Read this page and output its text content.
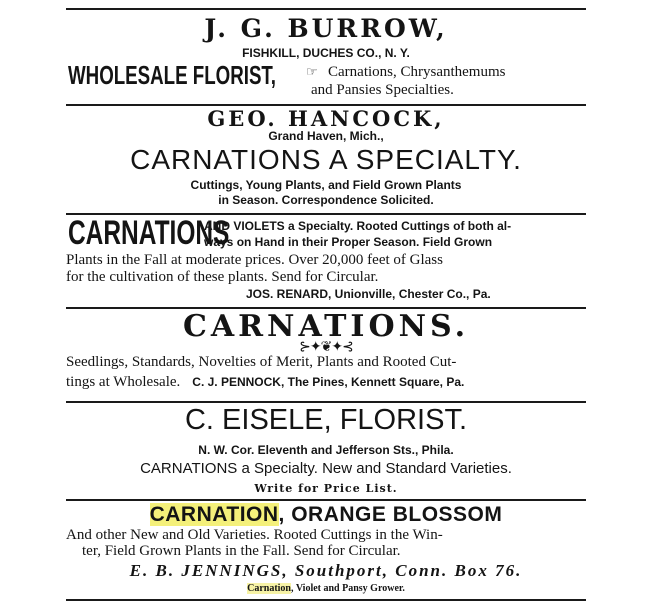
J. G. BURROW,
FISHKILL, DUCHES CO., N. Y.
WHOLESALE FLORIST, ☞ Carnations, Chrysanthemums
and Pansies Specialties.
GEO. HANCOCK,
Grand Haven, Mich.,
CARNATIONS A SPECIALTY.
Cuttings, Young Plants, and Field Grown Plants
in Season. Correspondence Solicited.
CARNATIONS
AND VIOLETS a Specialty. Rooted Cuttings of both al-
ways on Hand in their Proper Season. Field Grown
Plants in the Fall at moderate prices. Over 20,000 feet of Glass
for the cultivation of these plants. Send for Circular.
JOS. RENARD, Unionville, Chester Co., Pa.
CARNATIONS.
⊱✦❦✦⊰
Seedlings, Standards, Novelties of Merit, Plants and Rooted Cut-
tings at Wholesale. C. J. PENNOCK, The Pines, Kennett Square, Pa.
C. EISELE, FLORIST.
N. W. Cor. Eleventh and Jefferson Sts., Phila.
CARNATIONS a Specialty. New and Standard Varieties.
Write for Price List.
CARNATION, ORANGE BLOSSOM
And other New and Old Varieties. Rooted Cuttings in the Win-
ter, Field Grown Plants in the Fall. Send for Circular.
E. B. JENNINGS, Southport, Conn. Box 76.
Carnation, Violet and Pansy Grower.
